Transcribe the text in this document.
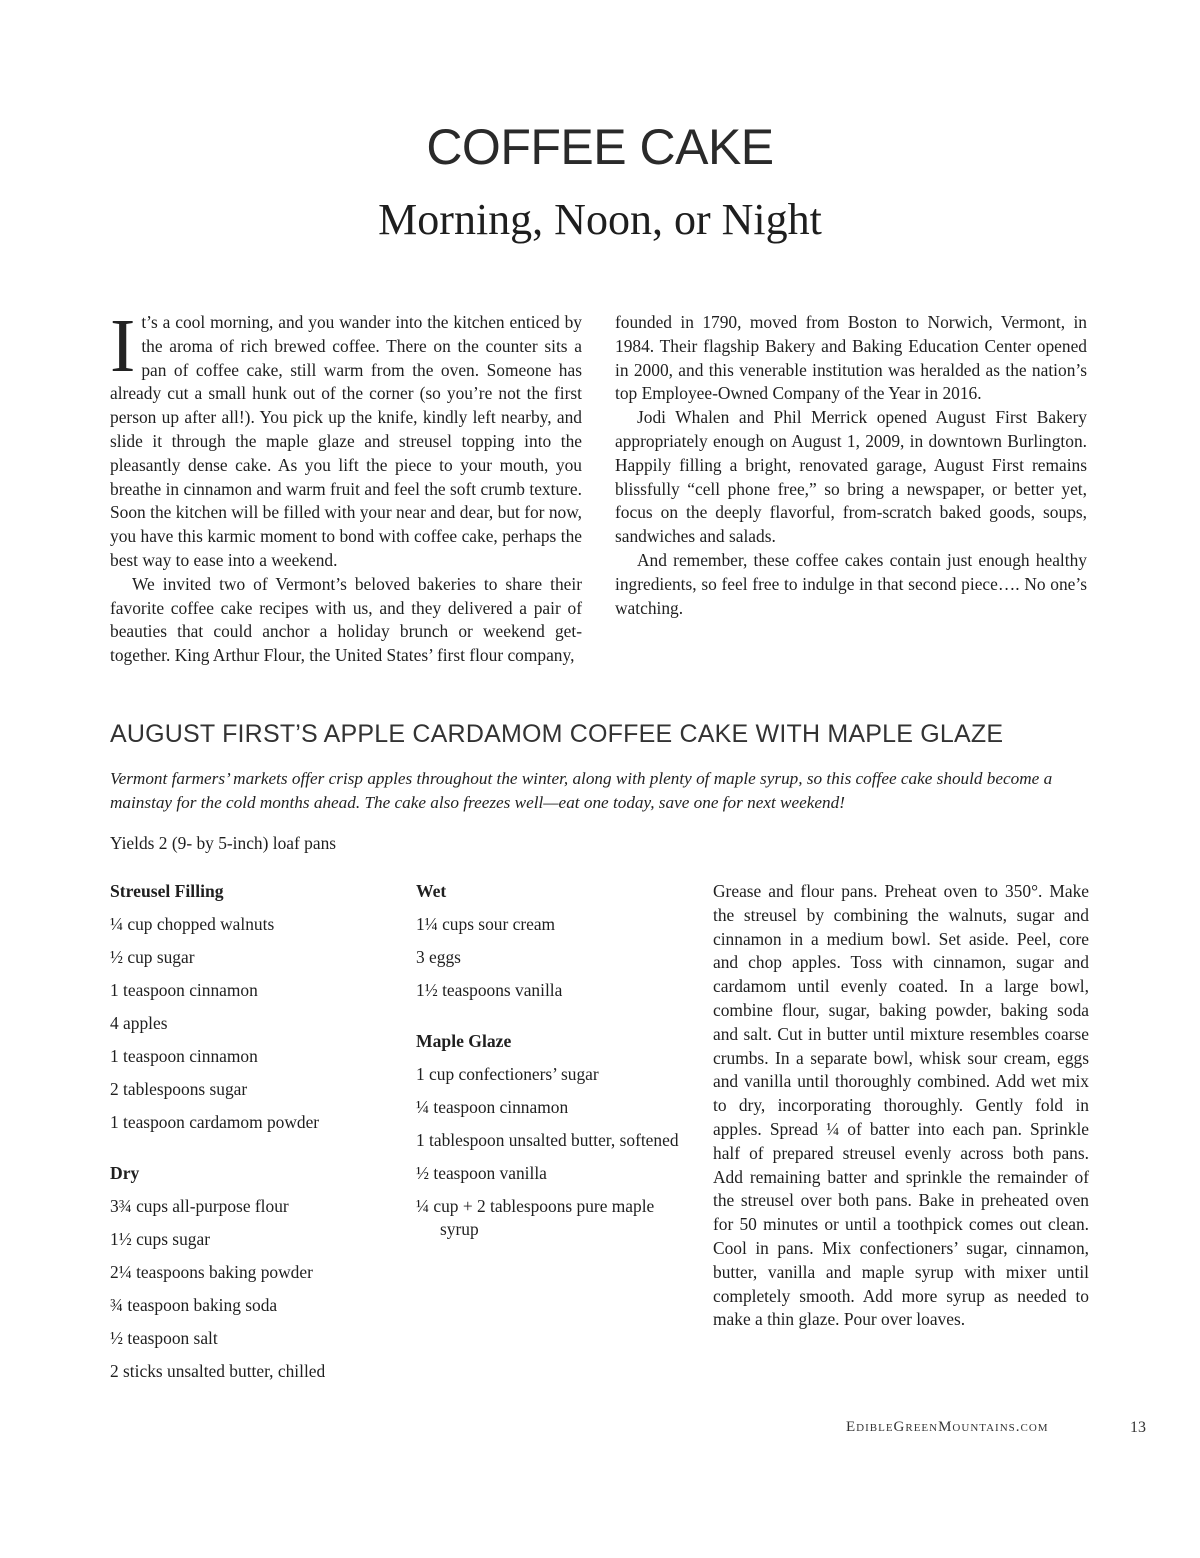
COFFEE CAKE
Morning, Noon, or Night

It’s a cool morning, and you wander into the kitchen enticed by the aroma of rich brewed coffee. There on the counter sits a pan of coffee cake, still warm from the oven. Someone has already cut a small hunk out of the corner (so you’re not the first person up after all!). You pick up the knife, kindly left nearby, and slide it through the maple glaze and streusel topping into the pleasantly dense cake. As you lift the piece to your mouth, you breathe in cinnamon and warm fruit and feel the soft crumb texture. Soon the kitchen will be filled with your near and dear, but for now, you have this karmic moment to bond with coffee cake, perhaps the best way to ease into a weekend.

We invited two of Vermont’s beloved bakeries to share their favorite coffee cake recipes with us, and they delivered a pair of beauties that could anchor a holiday brunch or weekend get-together. King Arthur Flour, the United States’ first flour company,

founded in 1790, moved from Boston to Norwich, Vermont, in 1984. Their flagship Bakery and Baking Education Center opened in 2000, and this venerable institution was heralded as the nation’s top Employee-Owned Company of the Year in 2016.

Jodi Whalen and Phil Merrick opened August First Bakery appropriately enough on August 1, 2009, in downtown Burlington. Happily filling a bright, renovated garage, August First remains blissfully “cell phone free,” so bring a newspaper, or better yet, focus on the deeply flavorful, from-scratch baked goods, soups, sandwiches and salads.

And remember, these coffee cakes contain just enough healthy ingredients, so feel free to indulge in that second piece…. No one’s watching.

AUGUST FIRST’S APPLE CARDAMOM COFFEE CAKE WITH MAPLE GLAZE

Vermont farmers’ markets offer crisp apples throughout the winter, along with plenty of maple syrup, so this coffee cake should become a mainstay for the cold months ahead. The cake also freezes well—eat one today, save one for next weekend!

Yields 2 (9- by 5-inch) loaf pans

Streusel Filling
¼ cup chopped walnuts
½ cup sugar
1 teaspoon cinnamon
4 apples
1 teaspoon cinnamon
2 tablespoons sugar
1 teaspoon cardamom powder
Dry
3¾ cups all-purpose flour
1½ cups sugar
2¼ teaspoons baking powder
¾ teaspoon baking soda
½ teaspoon salt
2 sticks unsalted butter, chilled
Wet
1¼ cups sour cream
3 eggs
1½ teaspoons vanilla
Maple Glaze
1 cup confectioners’ sugar
¼ teaspoon cinnamon
1 tablespoon unsalted butter, softened
½ teaspoon vanilla
¼ cup + 2 tablespoons pure maple syrup

Grease and flour pans. Preheat oven to 350°. Make the streusel by combining the walnuts, sugar and cinnamon in a medium bowl. Set aside. Peel, core and chop apples. Toss with cinnamon, sugar and cardamom until evenly coated. In a large bowl, combine flour, sugar, baking powder, baking soda and salt. Cut in butter until mixture resembles coarse crumbs. In a separate bowl, whisk sour cream, eggs and vanilla until thoroughly combined. Add wet mix to dry, incorporating thoroughly. Gently fold in apples. Spread ¼ of batter into each pan. Sprinkle half of prepared streusel evenly across both pans. Add remaining batter and sprinkle the remainder of the streusel over both pans. Bake in preheated oven for 50 minutes or until a toothpick comes out clean. Cool in pans. Mix confectioners’ sugar, cinnamon, butter, vanilla and maple syrup with mixer until completely smooth. Add more syrup as needed to make a thin glaze. Pour over loaves.

EdibleGreenMountains.com	13
